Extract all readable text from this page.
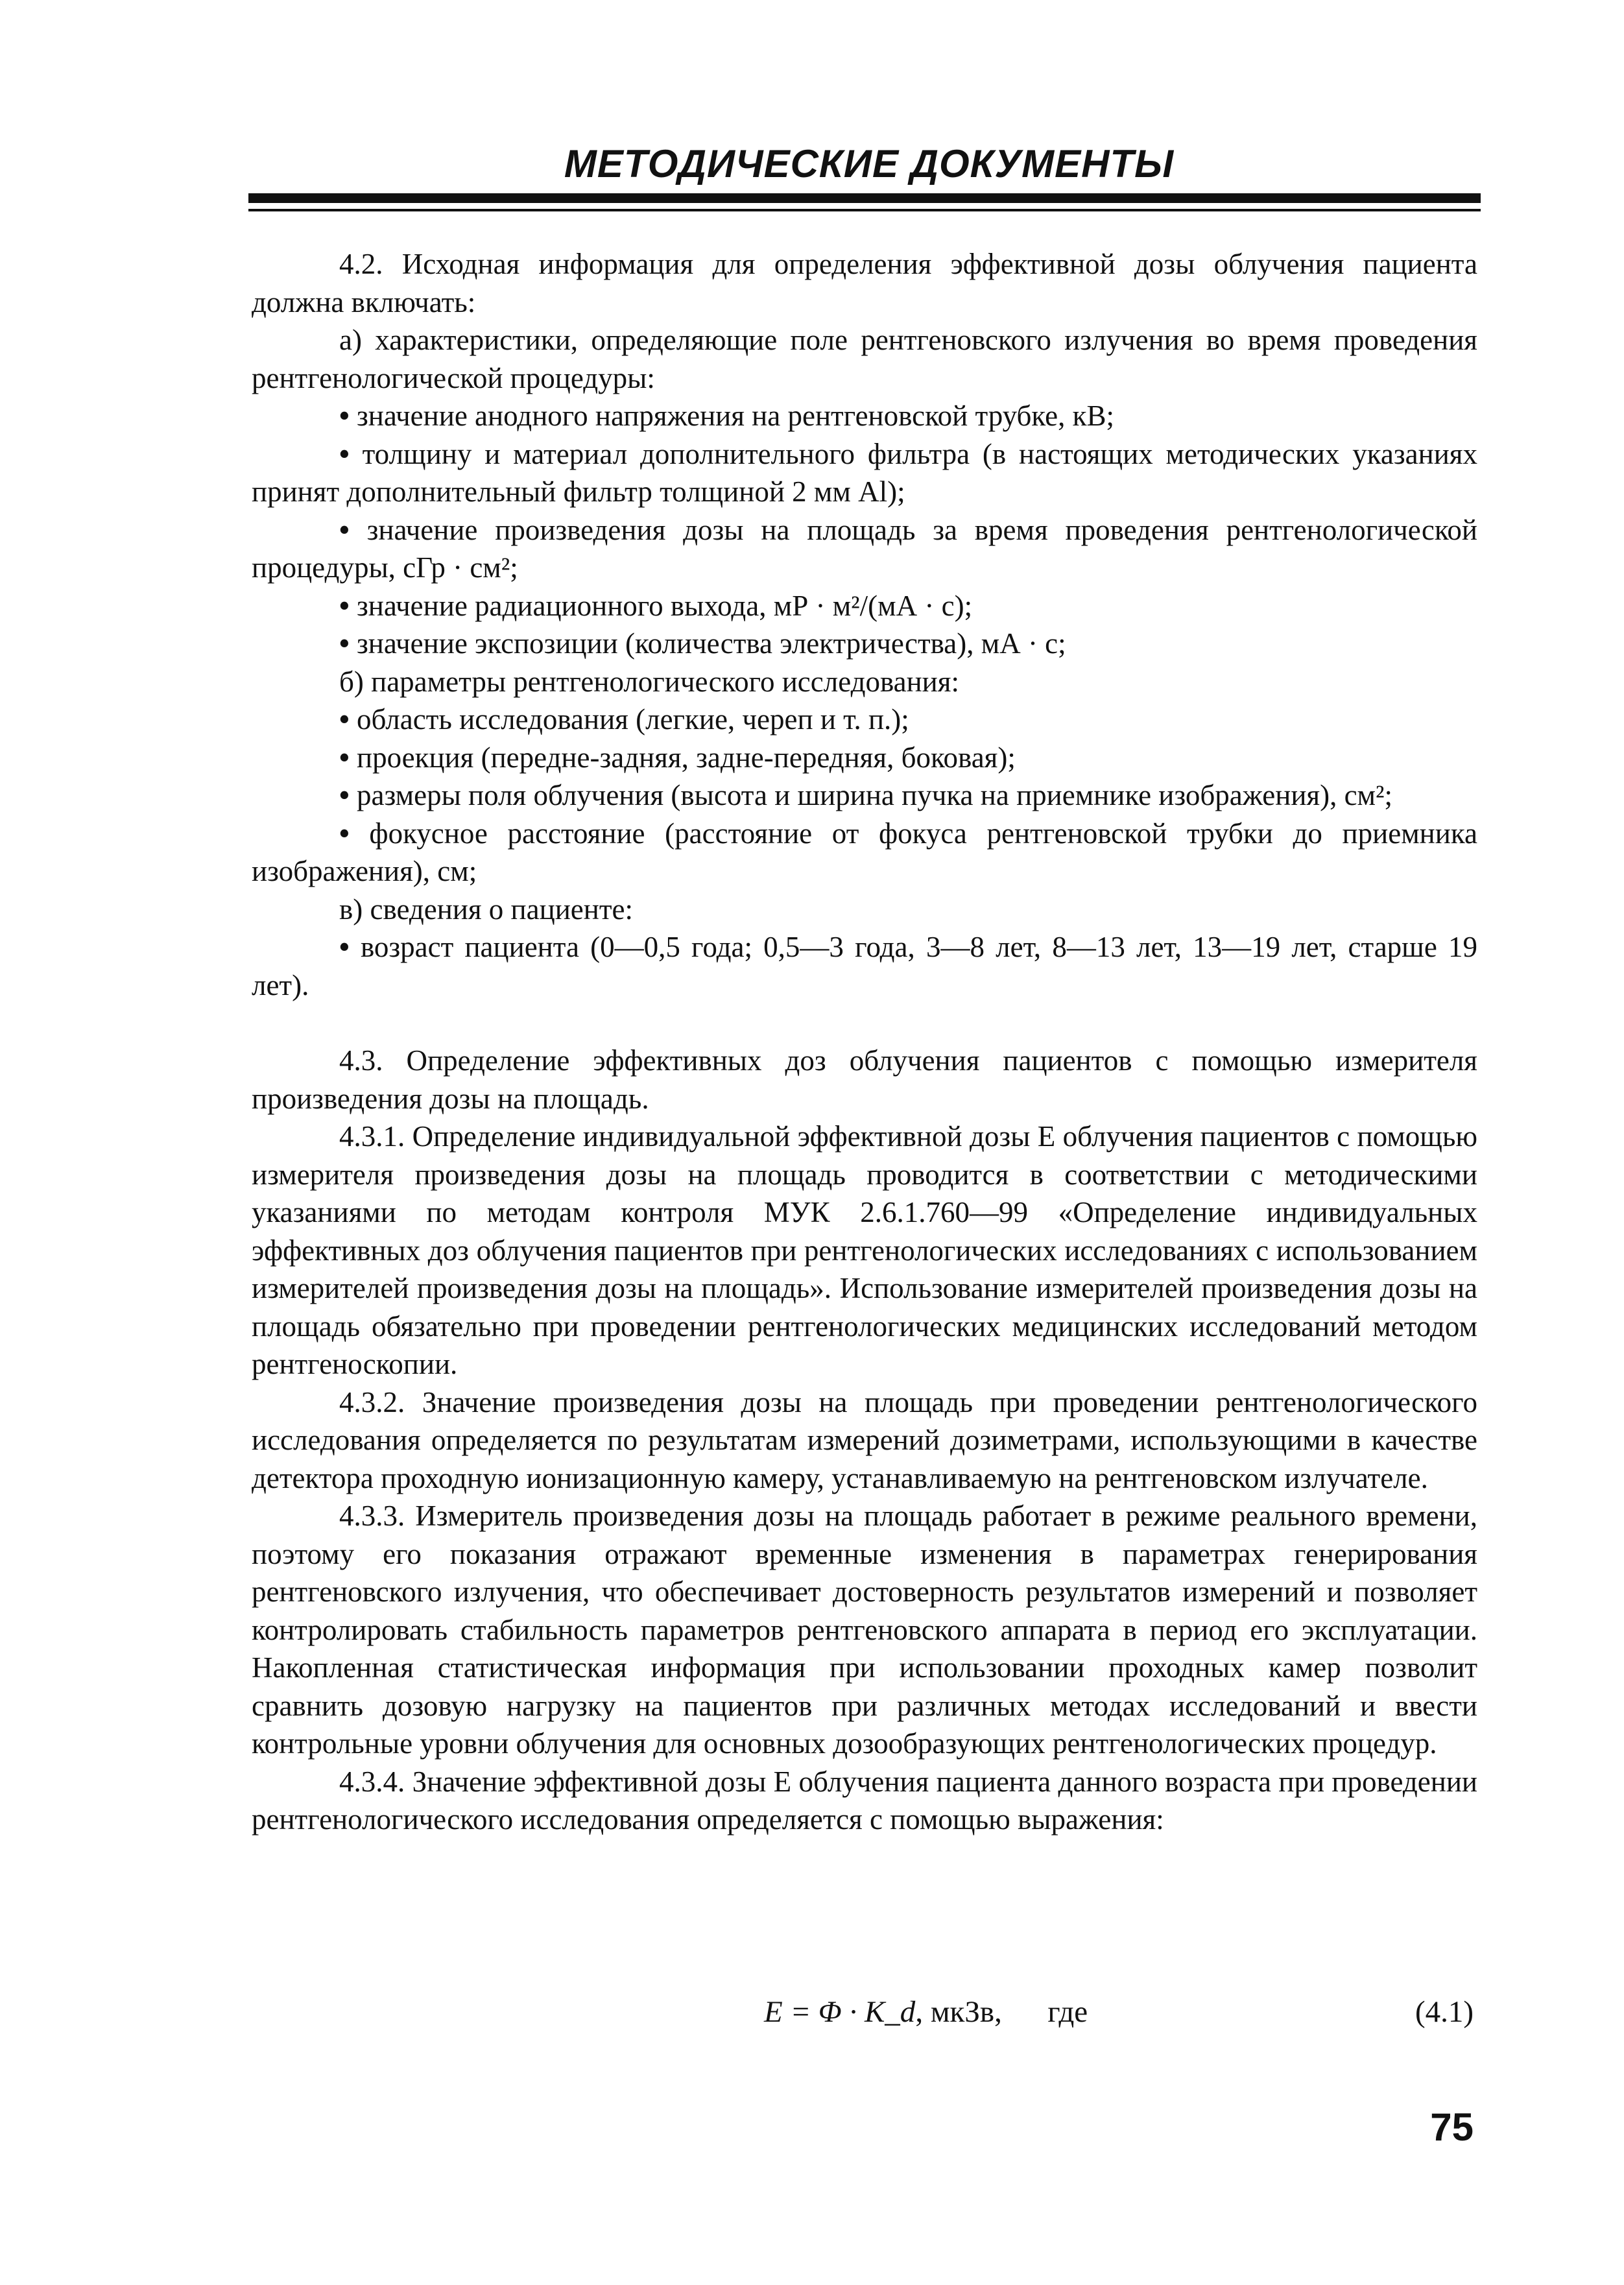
МЕТОДИЧЕСКИЕ ДОКУМЕНТЫ

4.2. Исходная информация для определения эффективной дозы облучения пациента должна включать:

а) характеристики, определяющие поле рентгеновского излучения во время проведения рентгенологической процедуры:

• значение анодного напряжения на рентгеновской трубке, кВ;

• толщину и материал дополнительного фильтра (в настоящих методических указаниях принят дополнительный фильтр толщиной 2 мм Al);

• значение произведения дозы на площадь за время проведения рентгенологической процедуры, сГр · см²;

• значение радиационного выхода, мР · м²/(мА · с);

• значение экспозиции (количества электричества), мА · с;

б) параметры рентгенологического исследования:

• область исследования (легкие, череп и т. п.);

• проекция (передне-задняя, задне-передняя, боковая);

• размеры поля облучения (высота и ширина пучка на приемнике изображения), см²;

• фокусное расстояние (расстояние от фокуса рентгеновской трубки до приемника изображения), см;

в) сведения о пациенте:

• возраст пациента (0—0,5 года; 0,5—3 года, 3—8 лет, 8—13 лет, 13—19 лет, старше 19 лет).

4.3. Определение эффективных доз облучения пациентов с помощью измерителя произведения дозы на площадь.

4.3.1. Определение индивидуальной эффективной дозы E облучения пациентов с помощью измерителя произведения дозы на площадь проводится в соответствии с методическими указаниями по методам контроля МУК 2.6.1.760—99 «Определение индивидуальных эффективных доз облучения пациентов при рентгенологических исследованиях с использованием измерителей произведения дозы на площадь». Использование измерителей произведения дозы на площадь обязательно при проведении рентгенологических медицинских исследований методом рентгеноскопии.

4.3.2. Значение произведения дозы на площадь при проведении рентгенологического исследования определяется по результатам измерений дозиметрами, использующими в качестве детектора проходную ионизационную камеру, устанавливаемую на рентгеновском излучателе.

4.3.3. Измеритель произведения дозы на площадь работает в режиме реального времени, поэтому его показания отражают временные изменения в параметрах генерирования рентгеновского излучения, что обеспечивает достоверность результатов измерений и позволяет контролировать стабильность параметров рентгеновского аппарата в период его эксплуатации. Накопленная статистическая информация при использовании проходных камер позволит сравнить дозовую нагрузку на пациентов при различных методах исследований и ввести контрольные уровни облучения для основных дозообразующих рентгенологических процедур.

4.3.4. Значение эффективной дозы E облучения пациента данного возраста при проведении рентгенологического исследования определяется с помощью выражения:

E = Φ · K_d, мкЗв, где	(4.1)
75
